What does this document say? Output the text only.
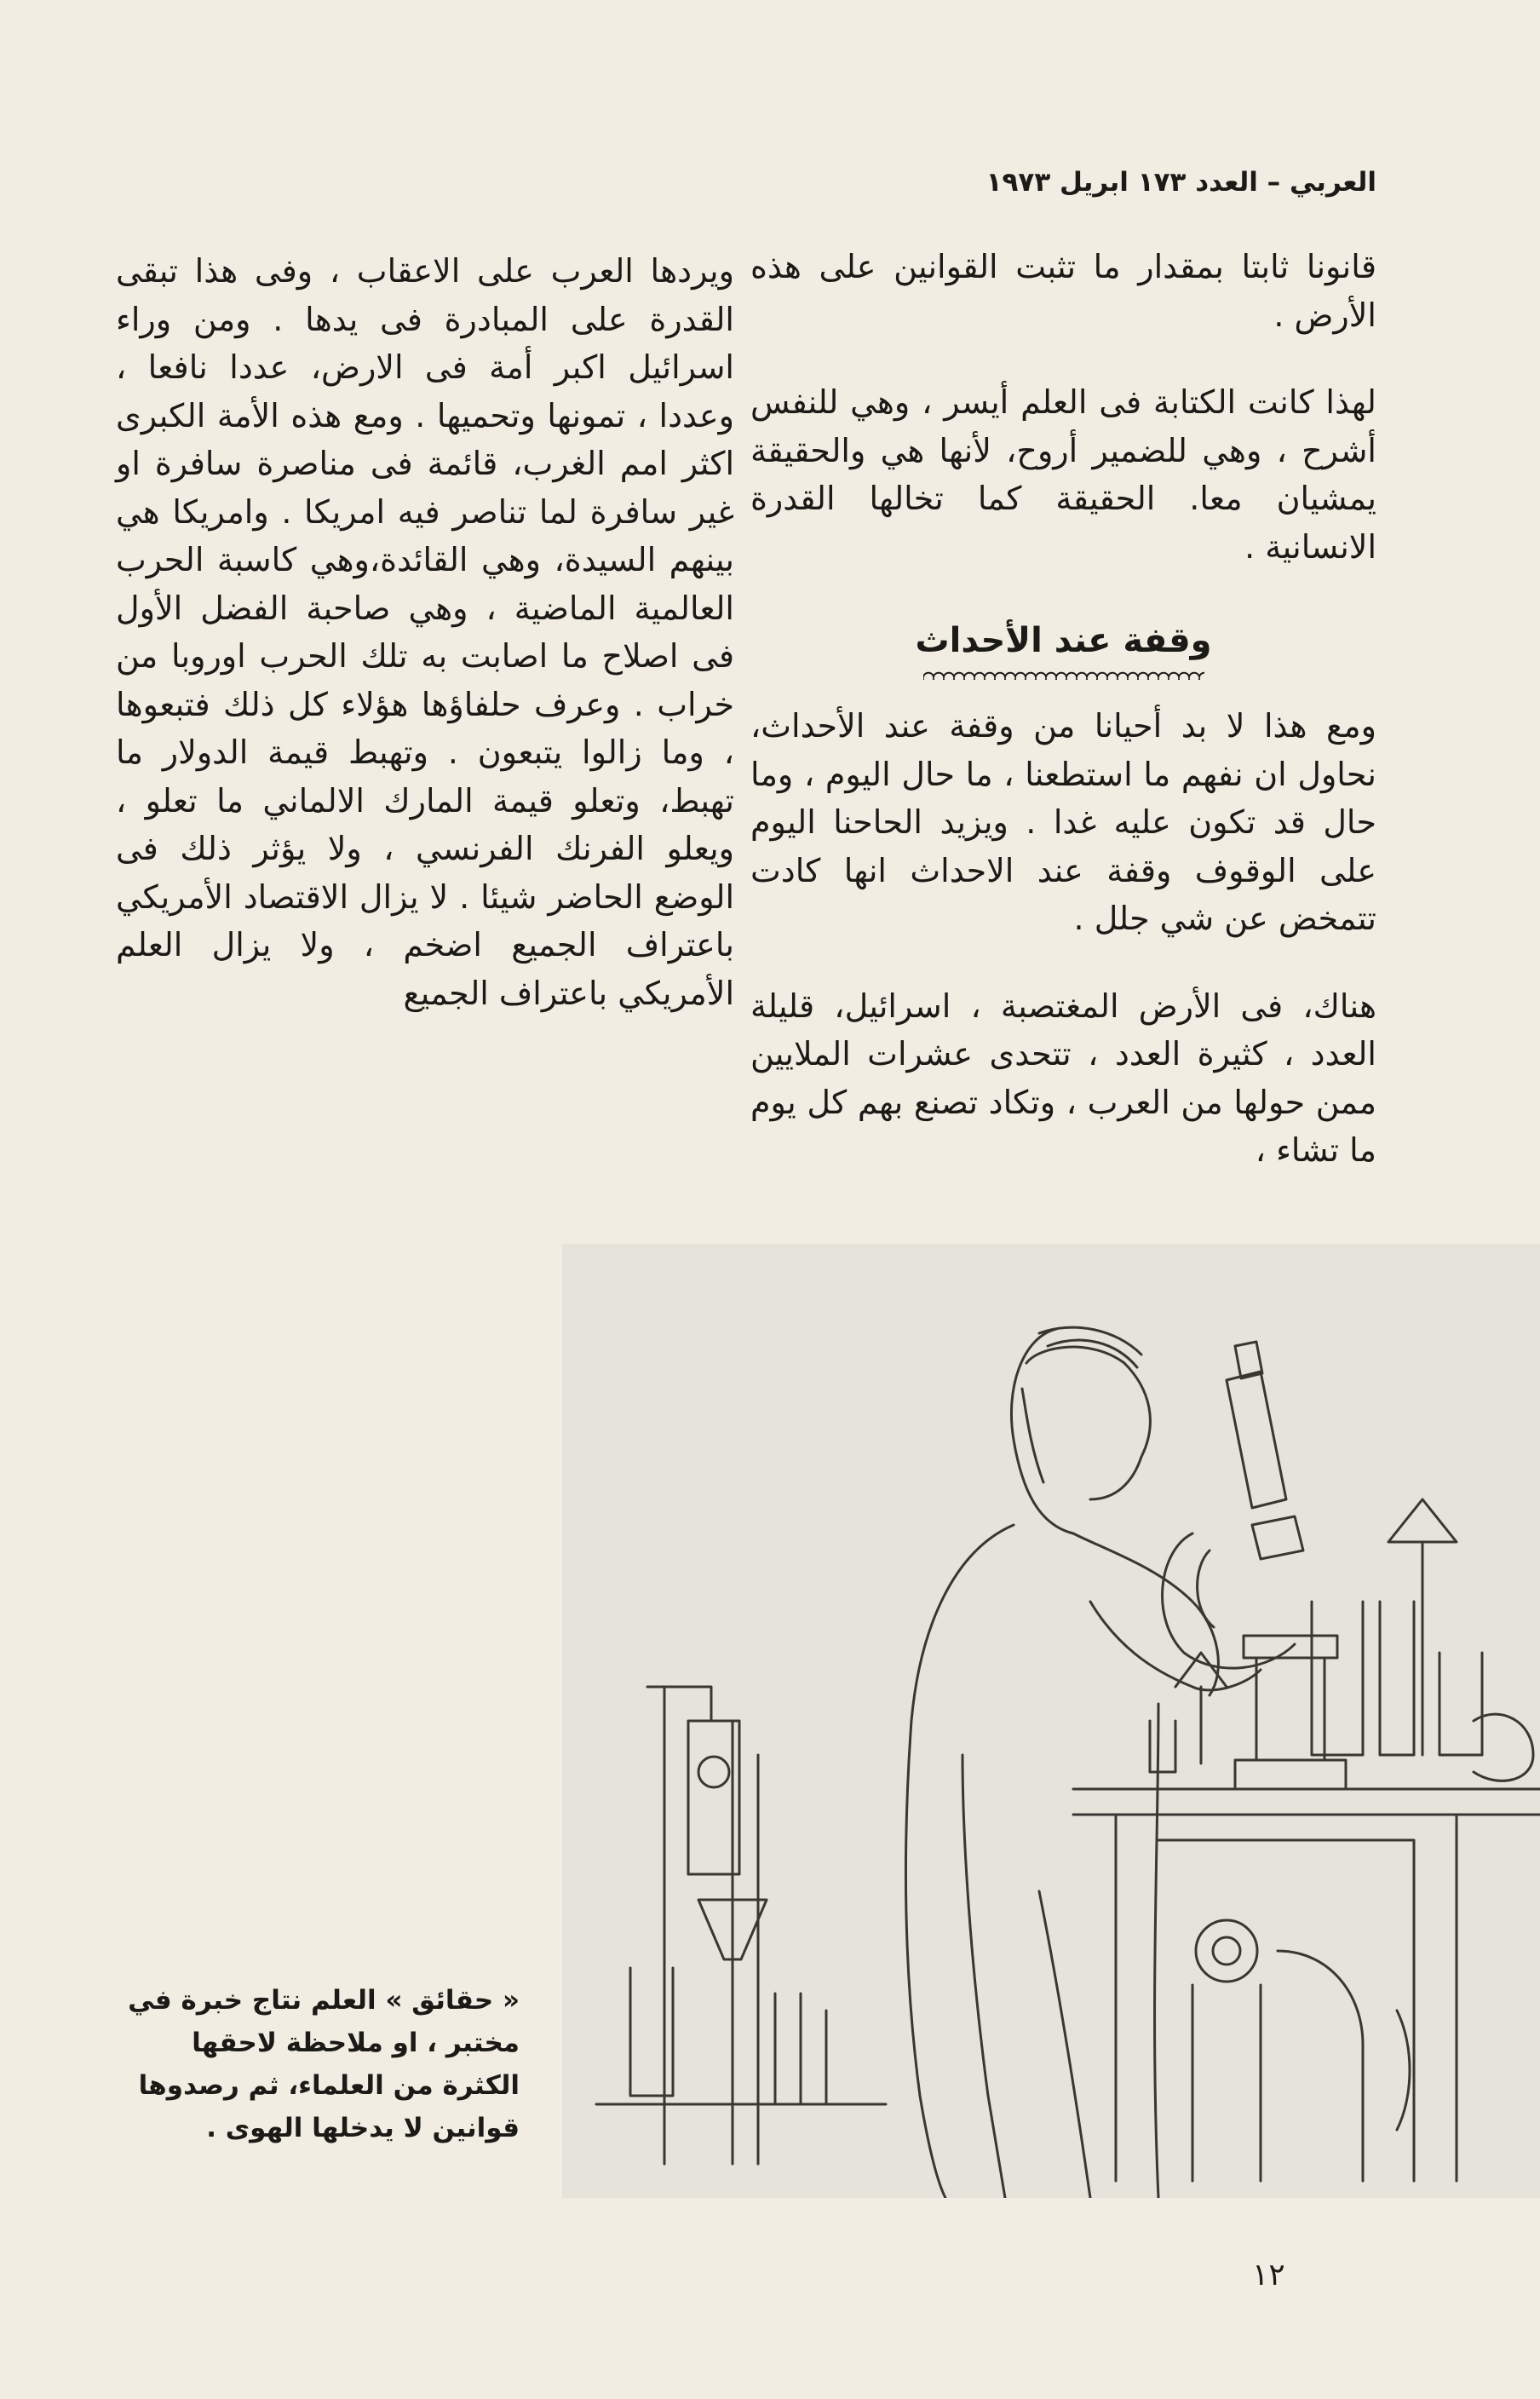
العربي – العدد ١٧٣ ابريل ١٩٧٣

قانونا ثابتا بمقدار ما تثبت القوانين على هذه الأرض .

لهذا كانت الكتابة فى العلم أيسر ، وهي للنفس أشرح ، وهي للضمير أروح، لأنها هي والحقيقة يمشيان معا. الحقيقة كما تخالها القدرة الانسانية .

وقفة عند الأحداث

ومع هذا لا بد أحيانا من وقفة عند الأحداث، نحاول ان نفهم ما استطعنا ، ما حال اليوم ، وما حال قد تكون عليه غدا . ويزيد الحاحنا اليوم على الوقوف وقفة عند الاحداث انها كادت تتمخض عن شي جلل .

هناك، فى الأرض المغتصبة ، اسرائيل، قليلة العدد ، كثيرة العدد ، تتحدى عشرات الملايين ممن حولها من العرب ، وتكاد تصنع بهم كل يوم ما تشاء ،

ويردها العرب على الاعقاب ، وفى هذا تبقى القدرة على المبادرة فى يدها . ومن وراء اسرائيل اكبر أمة فى الارض، عددا نافعا ، وعددا ، تمونها وتحميها . ومع هذه الأمة الكبرى اكثر امم الغرب، قائمة فى مناصرة سافرة او غير سافرة لما تناصر فيه امريكا . وامريكا هي بينهم السيدة، وهي القائدة،وهي كاسبة الحرب العالمية الماضية ، وهي صاحبة الفضل الأول فى اصلاح ما اصابت به تلك الحرب اوروبا من خراب . وعرف حلفاؤها هؤلاء كل ذلك فتبعوها ، وما زالوا يتبعون . وتهبط قيمة الدولار ما تهبط، وتعلو قيمة المارك الالماني ما تعلو ، ويعلو الفرنك الفرنسي ، ولا يؤثر ذلك فى الوضع الحاضر شيئا . لا يزال الاقتصاد الأمريكي باعتراف الجميع اضخم ، ولا يزال العلم الأمريكي باعتراف الجميع

« حقائق » العلم نتاج خبرة في مختبر ، او ملاحظة لاحقها الكثرة من العلماء، ثم رصدوها قوانين لا يدخلها الهوى .
١٢
